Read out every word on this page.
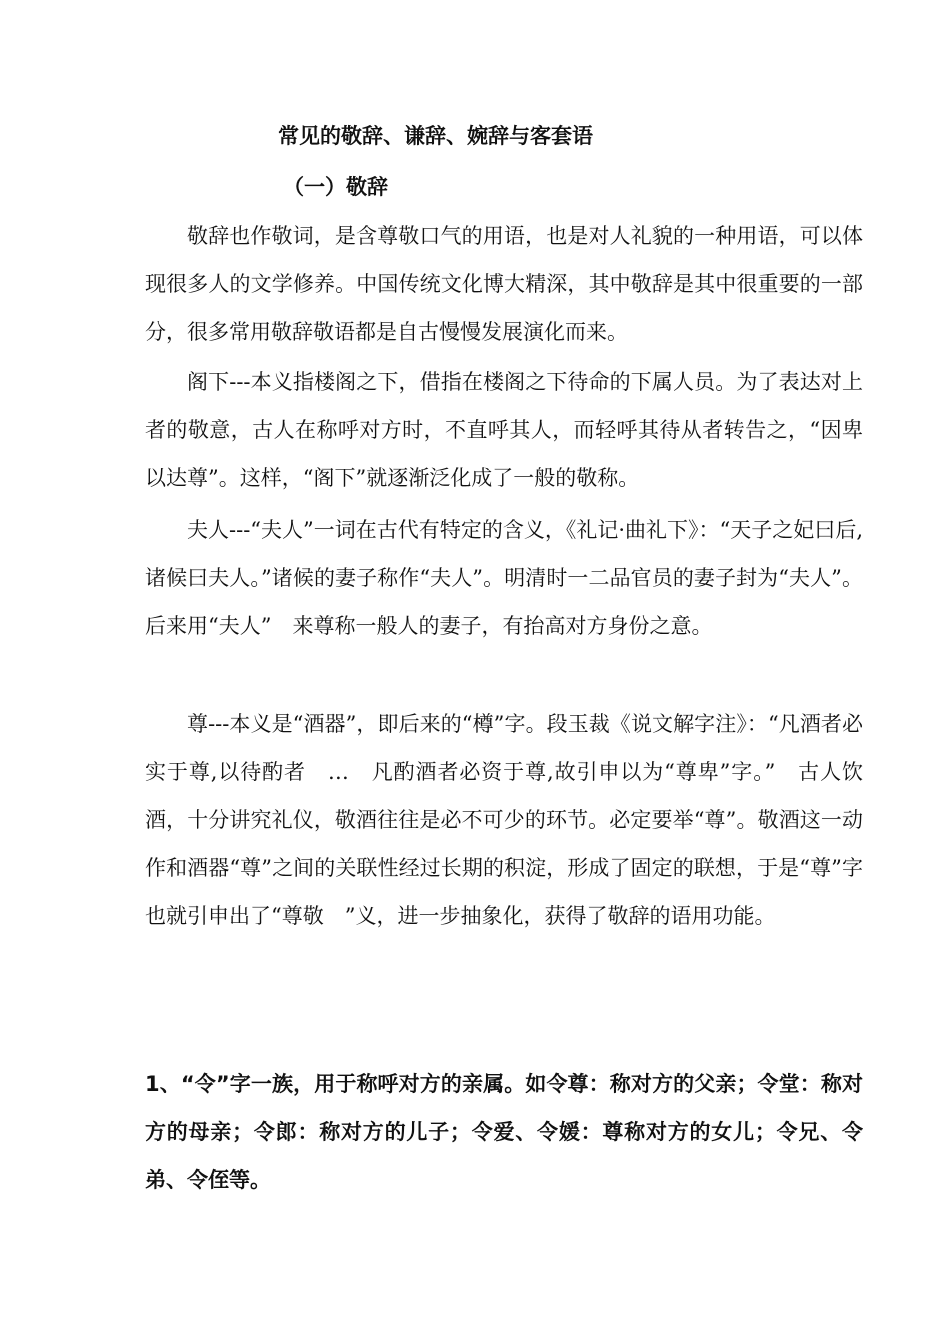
常见的敬辞、谦辞、婉辞与客套语
（一）敬辞

敬辞也作敬词，是含尊敬口气的用语，也是对人礼貌的一种用语，可以体现很多人的文学修养。中国传统文化博大精深，其中敬辞是其中很重要的一部分，很多常用敬辞敬语都是自古慢慢发展演化而来。

阁下---本义指楼阁之下，借指在楼阁之下待命的下属人员。为了表达对上者的敬意，古人在称呼对方时，不直呼其人，而轻呼其待从者转告之，“因卑以达尊”。这样，“阁下”就逐渐泛化成了一般的敬称。

夫人---“夫人”一词在古代有特定的含义，《礼记·曲礼下》：“天子之妃曰后,诸候曰夫人。”诸候的妻子称作“夫人”。明清时一二品官员的妻子封为“夫人”。后来用“夫人”　来尊称一般人的妻子，有抬高对方身份之意。

尊---本义是“酒器”，即后来的“樽”字。段玉裁《说文解字注》：“凡酒者必实于尊,以待酌者　…　凡酌酒者必资于尊,故引申以为“尊卑”字。”　古人饮酒，十分讲究礼仪，敬酒往往是必不可少的环节。必定要举“尊”。敬酒这一动作和酒器“尊”之间的关联性经过长期的积淀，形成了固定的联想，于是“尊”字也就引申出了“尊敬　”义，进一步抽象化，获得了敬辞的语用功能。

1、“令”字一族，用于称呼对方的亲属。如令尊：称对方的父亲；令堂：称对方的母亲；令郎：称对方的儿子；令爱、令媛：尊称对方的女儿；令兄、令弟、令侄等。
